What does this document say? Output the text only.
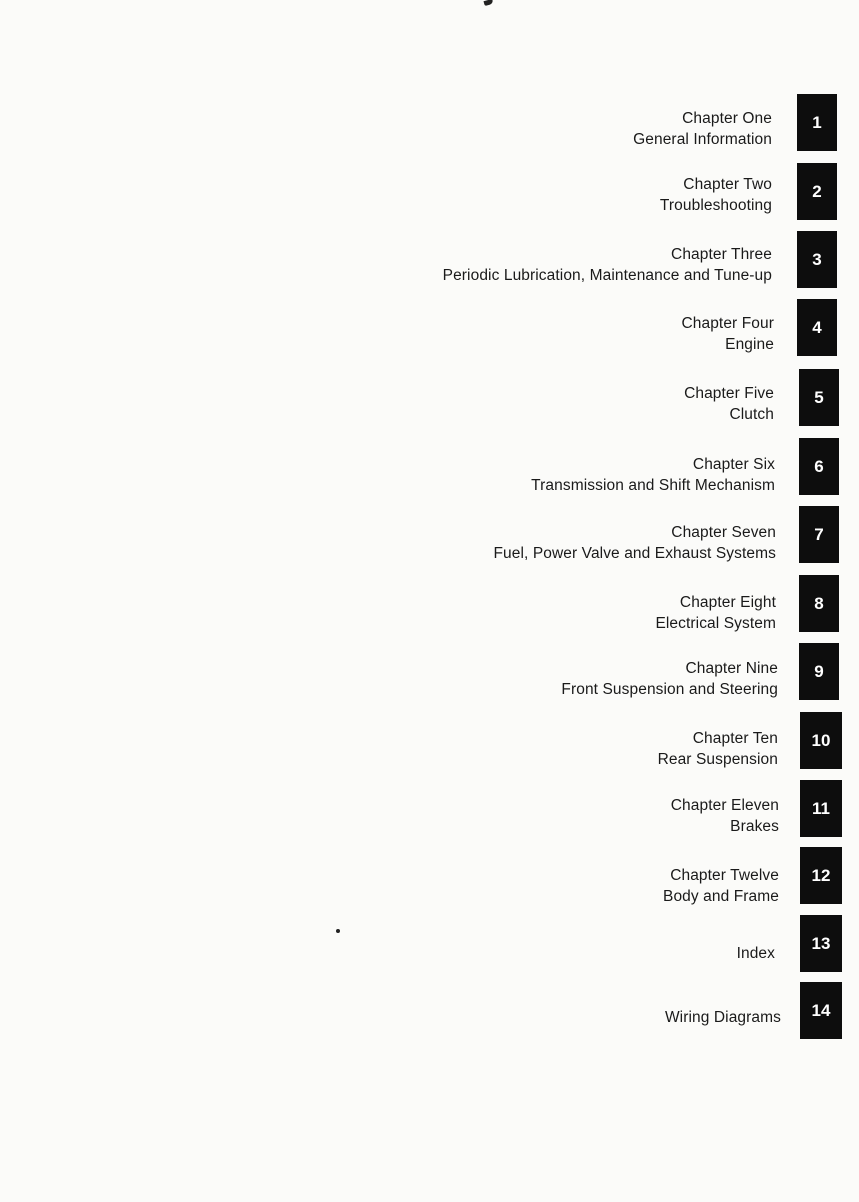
Chapter One
General Information
1
Chapter Two
Troubleshooting
2
Chapter Three
Periodic Lubrication, Maintenance and Tune-up
3
Chapter Four
Engine
4
Chapter Five
Clutch
5
Chapter Six
Transmission and Shift Mechanism
6
Chapter Seven
Fuel, Power Valve and Exhaust Systems
7
Chapter Eight
Electrical System
8
Chapter Nine
Front Suspension and Steering
9
Chapter Ten
Rear Suspension
10
Chapter Eleven
Brakes
11
Chapter Twelve
Body and Frame
12
Index
13
Wiring Diagrams	14
